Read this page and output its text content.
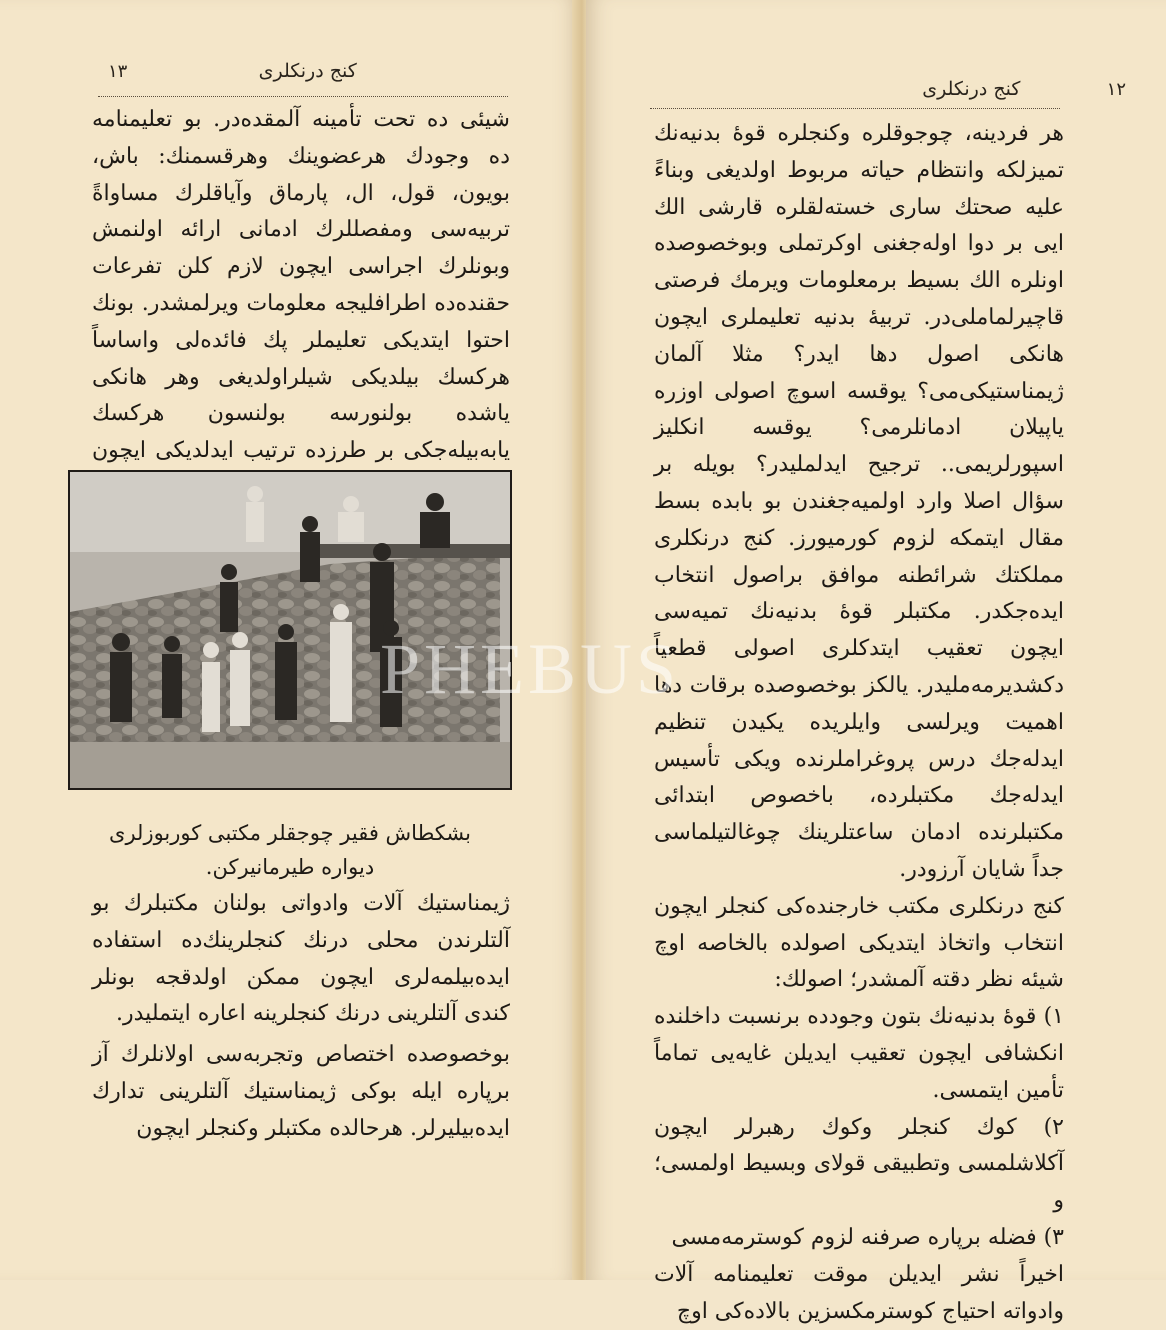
١٣	كنج درنكلرى

شيئى ده تحت تأمينه آلمقده‌در. بو تعليمنامه ده وجودك هرعضوينك وهرقسمنك: باش، بويون، قول، ال، پارماق وآياقلرك مساواةً تربيه‌سى ومفصللرك ادمانى ارائه اولنمش وبونلرك اجراسى ايچون لازم كلن تفرعات حقنده‌ده اطرافليجه معلومات ويرلمشدر. بونك احتوا ايتديكى تعليملر پك فائده‌لى واساساً هركسك بيلديكى شيلراولديغى وهر هانكى ياشده بولنورسه بولنسون هركسك يابه‌بيله‌جكى بر طرزده ترتيب ايدلديكى ايچون

بشكطاش فقير چوجقلر مكتبى كوربوزلرى ديواره طيرمانيركن.

ژيمناستيك آلات وادواتى بولنان مكتبلرك بو آلتلرندن محلى درنك كنجلرينك‌ده استفاده ايده‌بيلمه‌لرى ايچون ممكن اولدقجه بونلر كندى آلتلرينى درنك كنجلرينه اعاره ايتمليدر.

بوخصوصده اختصاص وتجربه‌سى اولانلرك آز برپاره ايله بوكى ژيمناستيك آلتلرينى تدارك ايده‌بيليرلر. هرحالده مكتبلر وكنجلر ايچون

كنج درنكلرى	١٢

هر فردينه، چوجوقلره وكنجلره قوهٔ بدنيه‌نك تميزلكه وانتظام حياته مربوط اولديغى وبناءً عليه صحتك سارى خسته‌لقلره قارشى الك ايى بر دوا اوله‌جغنى اوكرتملى وبوخصوصده اونلره الك بسيط برمعلومات ويرمك فرصتى قاچيرلماملى‌در. تربيهٔ بدنيه تعليملرى ايچون هانكى اصول دها ايدر؟ مثلا آلمان ژيمناستيكى‌مى؟ يوقسه اسوچ اصولى اوزره ياپيلان ادمانلرمى؟ يوقسه انكليز اسپورلريمى.. ترجيح ايدلمليدر؟ بويله بر سؤال اصلا وارد اولميه‌جغندن بو بابده بسط مقال ايتمكه لزوم كورميورز. كنج درنكلرى مملكتك شرائطنه موافق براصول انتخاب ايده‌جكدر. مكتبلر قوهٔ بدنيه‌نك تميه‌سى ايچون تعقيب ايتدكلرى اصولى قطعياً دكشديرمه‌مليدر. يالكز بوخصوصده برقات دها اهميت ويرلسى وايلريده يكيدن تنظيم ايدله‌جك درس پروغراملرنده ويكى تأسيس ايدله‌جك مكتبلرده، باخصوص ابتدائى مكتبلرنده ادمان ساعتلرينك چوغالتيلماسى جداً شايان آرزودر.

كنج درنكلرى مكتب خارجنده‌كى كنجلر ايچون انتخاب واتخاذ ايتديكى اصولده بالخاصه اوچ شيئه نظر دقته آلمشدر؛ اصولك:

١) قوهٔ بدنيه‌نك بتون وجودده برنسبت داخلنده انكشافى ايچون تعقيب ايديلن غايه‌يى تماماً تأمين ايتمسى.

٢) كوك كنجلر وكوك رهبرلر ايچون آكلاشلمسى وتطبيقى قولاى وبسيط اولمسى؛ و

٣) فضله برپاره صرفنه لزوم كوسترمه‌مسى

اخيراً نشر ايديلن موقت تعليمنامه آلات وادواته احتياج كوسترمكسزين بالاده‌كى اوچ

PHEBUS
